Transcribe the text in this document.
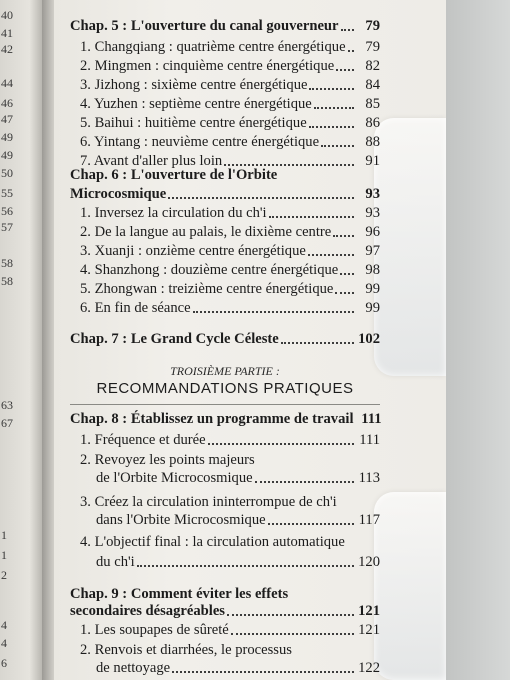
40
41
42
44
46
47
49
49
50
55
56
57
58
58
63
67
1
1
2
4
4
6
Chap. 5 : L'ouverture du canal gouverneur	79
1. Changqiang : quatrième centre énergétique	79
2. Mingmen : cinquième centre énergétique	82
3. Jizhong : sixième centre énergétique	84
4. Yuzhen : septième centre énergétique	85
5. Baihui : huitième centre énergétique	86
6. Yintang : neuvième centre énergétique	88
7. Avant d'aller plus loin	91
Chap. 6 : L'ouverture de l'Orbite
Microcosmique	93
1. Inversez la circulation du ch'i	93
2. De la langue au palais, le dixième centre	96
3. Xuanji : onzième centre énergétique	97
4. Shanzhong : douzième centre énergétique	98
5. Zhongwan : treizième centre énergétique	99
6. En fin de séance	99
Chap. 7 : Le Grand Cycle Céleste	102
TROISIÈME PARTIE :
RECOMMANDATIONS PRATIQUES
Chap. 8 : Établissez un programme de travail 111
1. Fréquence et durée	111
2. Revoyez les points majeurs
de l'Orbite Microcosmique	113
3. Créez la circulation ininterrompue de ch'i
dans l'Orbite Microcosmique	117
4. L'objectif final : la circulation automatique
du ch'i	120
Chap. 9 : Comment éviter les effets
secondaires désagréables	121
1. Les soupapes de sûreté	121
2. Renvois et diarrhées, le processus
de nettoyage	122
